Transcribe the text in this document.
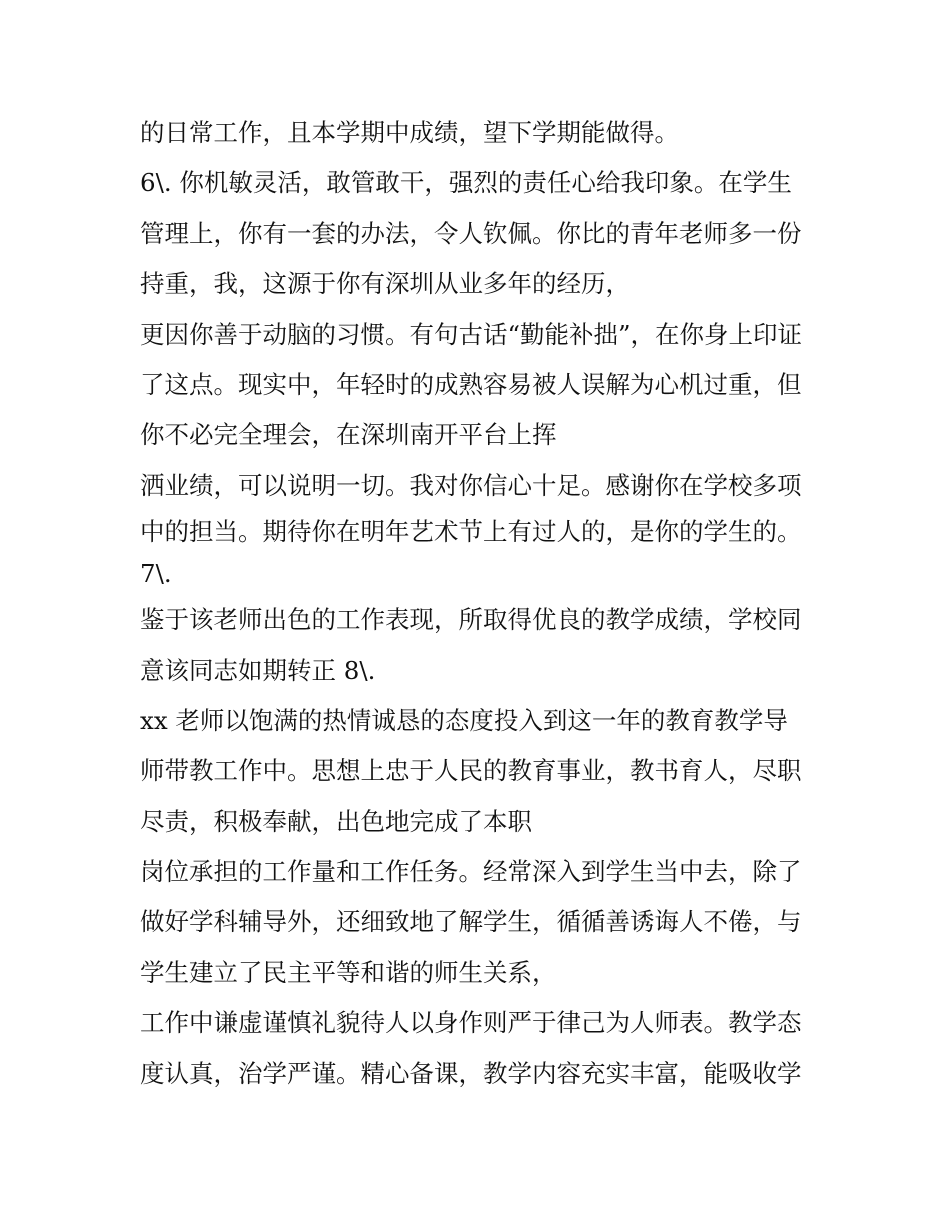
的日常工作，且本学期中成绩，望下学期能做得。
6\. 你机敏灵活，敢管敢干，强烈的责任心给我印象。在学生
管理上，你有一套的办法，令人钦佩。你比的青年老师多一份
持重，我，这源于你有深圳从业多年的经历，
更因你善于动脑的习惯。有句古话“勤能补拙”，在你身上印证
了这点。现实中，年轻时的成熟容易被人误解为心机过重，但
你不必完全理会，在深圳南开平台上挥
洒业绩，可以说明一切。我对你信心十足。感谢你在学校多项
中的担当。期待你在明年艺术节上有过人的，是你的学生的。
7\.
鉴于该老师出色的工作表现，所取得优良的教学成绩，学校同
意该同志如期转正 8\.
xx 老师以饱满的热情诚恳的态度投入到这一年的教育教学导
师带教工作中。思想上忠于人民的教育事业，教书育人，尽职
尽责，积极奉献，出色地完成了本职
岗位承担的工作量和工作任务。经常深入到学生当中去，除了
做好学科辅导外，还细致地了解学生，循循善诱诲人不倦，与
学生建立了民主平等和谐的师生关系，
工作中谦虚谨慎礼貌待人以身作则严于律己为人师表。教学态
度认真，治学严谨。精心备课，教学内容充实丰富，能吸收学
